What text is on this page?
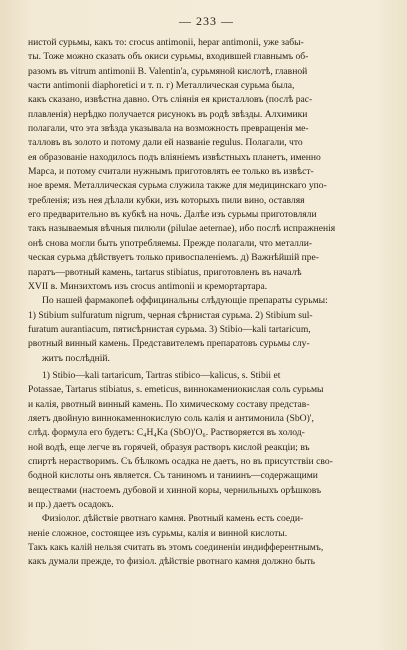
— 233 —
нистой сурьмы, какъ то: crocus antimonii, hepar antimonii, уже забы-
ты. Тоже можно сказать объ окиси сурьмы, входившей главнымъ об-
разомъ въ vitrum antimonii B. Valentin'a, сурьмяной кислотѣ, главной
части antimonii diaphoretici и т. п. г) Металлическая сурьма была,
какъ сказано, извѣстна давно. Отъ слiянiя ея кристалловъ (послѣ рас-
плавленiя) нерѣдко получается рисунокъ въ родѣ звѣзды. Алхимики
полагали, что эта звѣзда указывала на возможность превращенiя ме-
талловъ въ золото и потому дали ей названiе regulus. Полагали, что
ея образованiе находилось подъ влiянiемъ извѣстныхъ планетъ, именно
Марса, и потому считали нужнымъ приготовлять ее только въ извѣст-
ное время. Металлическая сурьма служила также для медицинскаго упо-
требленiя; изъ нея дѣлали кубки, изъ которыхъ пили вино, оставляя
его предварительно въ кубкѣ на ночь. Далѣе изъ сурьмы приготовляли
такъ называемыя вѣчныя пилюли (pilulae aeternae), ибо послѣ испражненiя
онѣ снова могли быть употребляемы. Прежде полагали, что металли-
ческая сурьма дѣйствуетъ только привоспаленiемъ. д) Важнѣйшiй пре-
паратъ—рвотный камень, tartarus stibiatus, приготовленъ въ началѣ
XVII в. Минзихтомъ изъ crocus antimonii и кремортартара.
По нашей фармакопеѣ оффицинальны слѣдующiе препараты сурьмы:
1) Stibium sulfuratum nigrum, черная сѣрнистая сурьма. 2) Stibium sul-
furatum aurantiacum, пятисѣрнистая сурьма. 3) Stibio—kali tartaricum,
рвотный винный камень. Представителемъ препаратовъ сурьмы слу-
житъ послѣднiй.
1) Stibio—kali tartaricum, Tartras stibico—kalicus, s. Stibii et
Potassae, Tartarus stibiatus, s. emeticus, виннокамениокислая соль сурьмы
и калiя, рвотный винный камень. По химическому составу представ-
ляетъ двойную виннокаменнокислую соль калiя и антимонила (SbO)',
слѣд. формула его будетъ: C₄H₄Ka (SbO)'O₆. Растворяется въ холод-
ной водѣ, еще легче въ горячей, образуя растворъ кислой реакцiи; въ
спиртѣ нерастворимъ. Съ бѣлкомъ осадка не даетъ, но въ присутствiи сво-
бодной кислоты онъ является. Съ таниномъ и таниинъ—содержащими
веществами (настоемъ дубовой и хинной коры, чернильныхъ орѣшковъ
и пр.) даетъ осадокъ.
Физiолог. дѣйствiе рвотнаго камня. Рвотный камень есть соеди-
ненiе сложное, состоящее изъ сурьмы, калiя и винной кислоты.
Такъ какъ калiй нельзя считать въ этомъ соединенiи индифферентнымъ,
какъ думали прежде, то физiол. дѣйствiе рвотнаго камня должно быть
